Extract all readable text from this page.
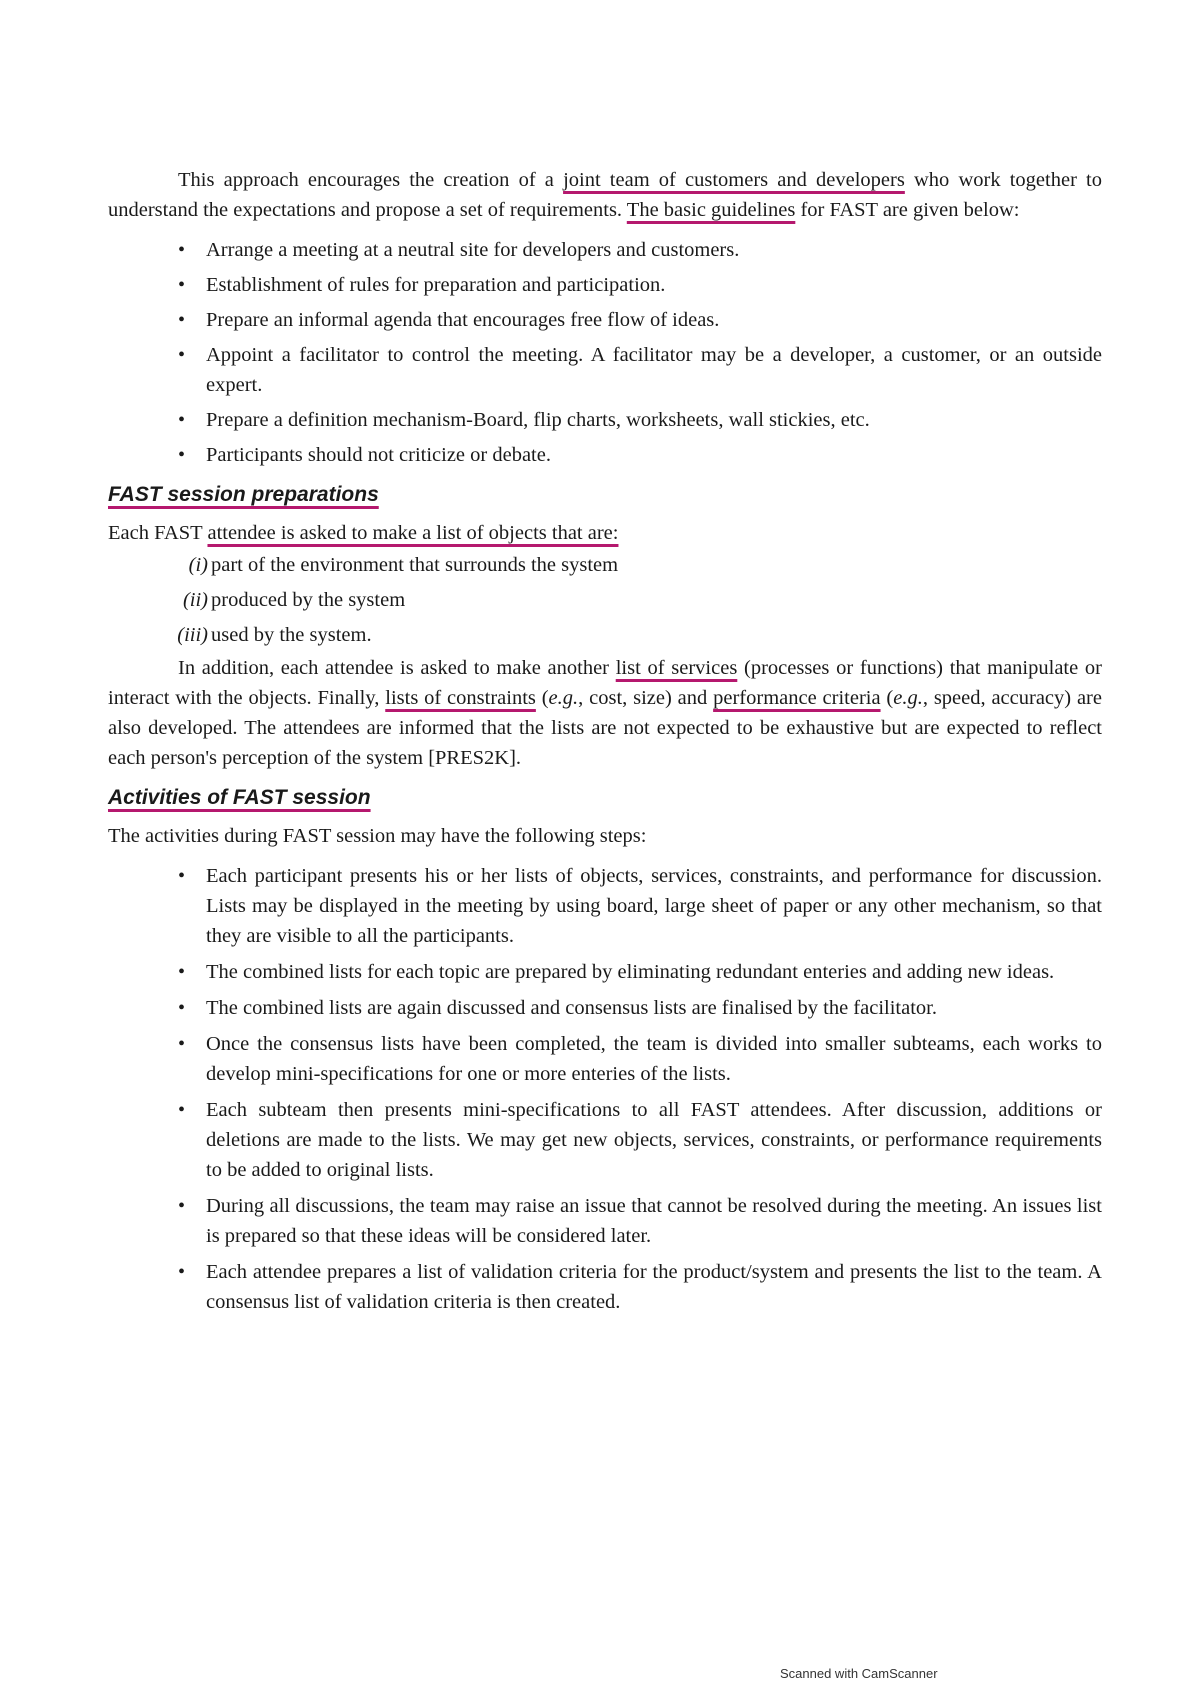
This approach encourages the creation of a joint team of customers and developers who work together to understand the expectations and propose a set of requirements. The basic guidelines for FAST are given below:

• Arrange a meeting at a neutral site for developers and customers.
• Establishment of rules for preparation and participation.
• Prepare an informal agenda that encourages free flow of ideas.
• Appoint a facilitator to control the meeting. A facilitator may be a developer, a customer, or an outside expert.
• Prepare a definition mechanism-Board, flip charts, worksheets, wall stickies, etc.
• Participants should not criticize or debate.
FAST session preparations

Each FAST attendee is asked to make a list of objects that are:

(i) part of the environment that surrounds the system
(ii) produced by the system
(iii) used by the system.

In addition, each attendee is asked to make another list of services (processes or functions) that manipulate or interact with the objects. Finally, lists of constraints (e.g., cost, size) and performance criteria (e.g., speed, accuracy) are also developed. The attendees are informed that the lists are not expected to be exhaustive but are expected to reflect each person's perception of the system [PRES2K].

Activities of FAST session

The activities during FAST session may have the following steps:

• Each participant presents his or her lists of objects, services, constraints, and performance for discussion. Lists may be displayed in the meeting by using board, large sheet of paper or any other mechanism, so that they are visible to all the participants.
• The combined lists for each topic are prepared by eliminating redundant enteries and adding new ideas.
• The combined lists are again discussed and consensus lists are finalised by the facilitator.
• Once the consensus lists have been completed, the team is divided into smaller subteams, each works to develop mini-specifications for one or more enteries of the lists.
• Each subteam then presents mini-specifications to all FAST attendees. After discussion, additions or deletions are made to the lists. We may get new objects, services, constraints, or performance requirements to be added to original lists.
• During all discussions, the team may raise an issue that cannot be resolved during the meeting. An issues list is prepared so that these ideas will be considered later.
• Each attendee prepares a list of validation criteria for the product/system and presents the list to the team. A consensus list of validation criteria is then created.
Scanned with CamScanner
